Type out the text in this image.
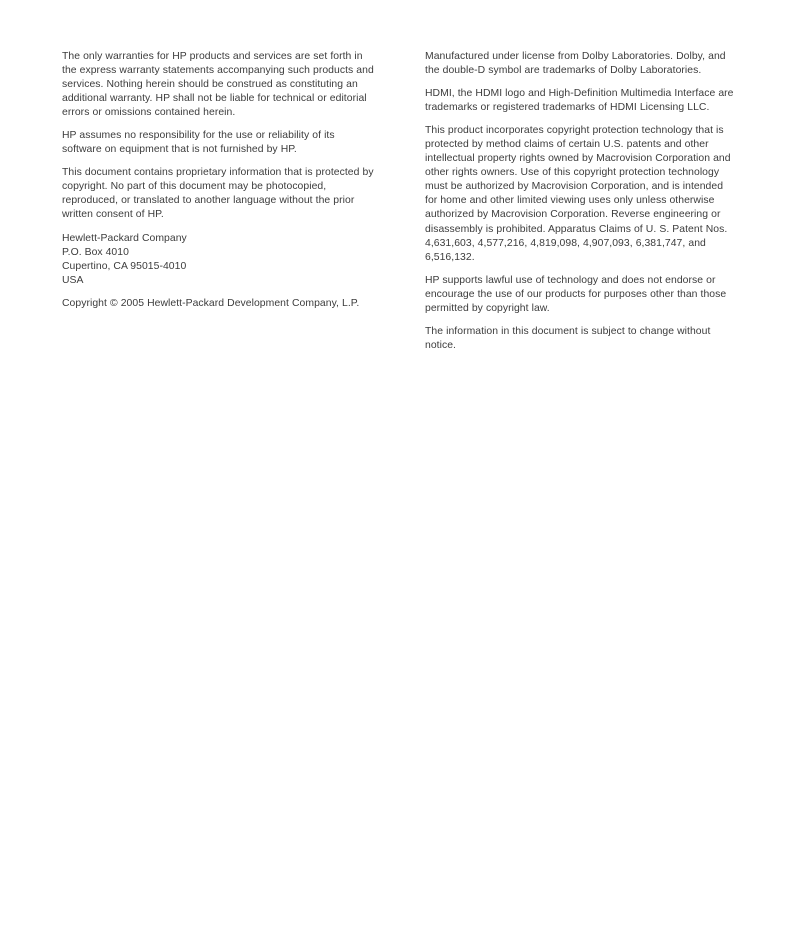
The only warranties for HP products and services are set forth in the express warranty statements accompanying such products and services. Nothing herein should be construed as constituting an additional warranty. HP shall not be liable for technical or editorial errors or omissions contained herein.

HP assumes no responsibility for the use or reliability of its software on equipment that is not furnished by HP.

This document contains proprietary information that is protected by copyright. No part of this document may be photocopied, reproduced, or translated to another language without the prior written consent of HP.

Hewlett-Packard Company

P.O. Box 4010

Cupertino, CA 95015-4010

USA

Copyright © 2005 Hewlett-Packard Development Company, L.P.

Manufactured under license from Dolby Laboratories. Dolby, and the double-D symbol are trademarks of Dolby Laboratories.

HDMI, the HDMI logo and High-Definition Multimedia Interface are trademarks or registered trademarks of HDMI Licensing LLC.

This product incorporates copyright protection technology that is protected by method claims of certain U.S. patents and other intellectual property rights owned by Macrovision Corporation and other rights owners. Use of this copyright protection technology must be authorized by Macrovision Corporation, and is intended for home and other limited viewing uses only unless otherwise authorized by Macrovision Corporation. Reverse engineering or disassembly is prohibited. Apparatus Claims of U. S. Patent Nos. 4,631,603, 4,577,216, 4,819,098, 4,907,093, 6,381,747, and 6,516,132.

HP supports lawful use of technology and does not endorse or encourage the use of our products for purposes other than those permitted by copyright law.

The information in this document is subject to change without notice.
